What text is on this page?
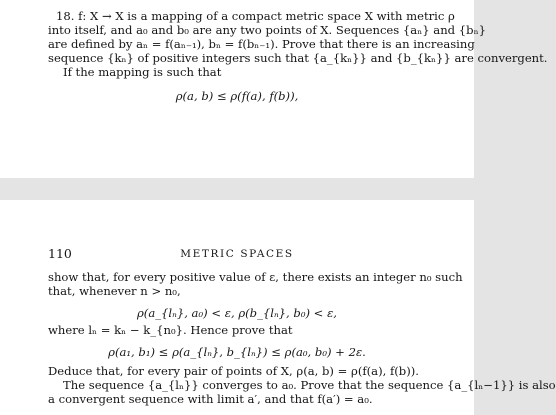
18. f: X → X is a mapping of a compact metric space X with metric ρ
into itself, and a₀ and b₀ are any two points of X. Sequences {aₙ} and {bₙ}
are defined by aₙ = f(aₙ₋₁), bₙ = f(bₙ₋₁). Prove that there is an increasing
sequence {kₙ} of positive integers such that {a_{kₙ}} and {b_{kₙ}} are convergent.
If the mapping is such that
ρ(a, b) ≤ ρ(f(a), f(b)),
110	METRIC SPACES
show that, for every positive value of ε, there exists an integer n₀ such
that, whenever n > n₀,
ρ(a_{lₙ}, a₀) < ε, ρ(b_{lₙ}, b₀) < ε,
where lₙ = kₙ − k_{n₀}. Hence prove that
ρ(a₁, b₁) ≤ ρ(a_{lₙ}, b_{lₙ}) ≤ ρ(a₀, b₀) + 2ε.
Deduce that, for every pair of points of X, ρ(a, b) = ρ(f(a), f(b)).
The sequence {a_{lₙ}} converges to a₀. Prove that the sequence {a_{lₙ−1}} is also
a convergent sequence with limit a′, and that f(a′) = a₀.
